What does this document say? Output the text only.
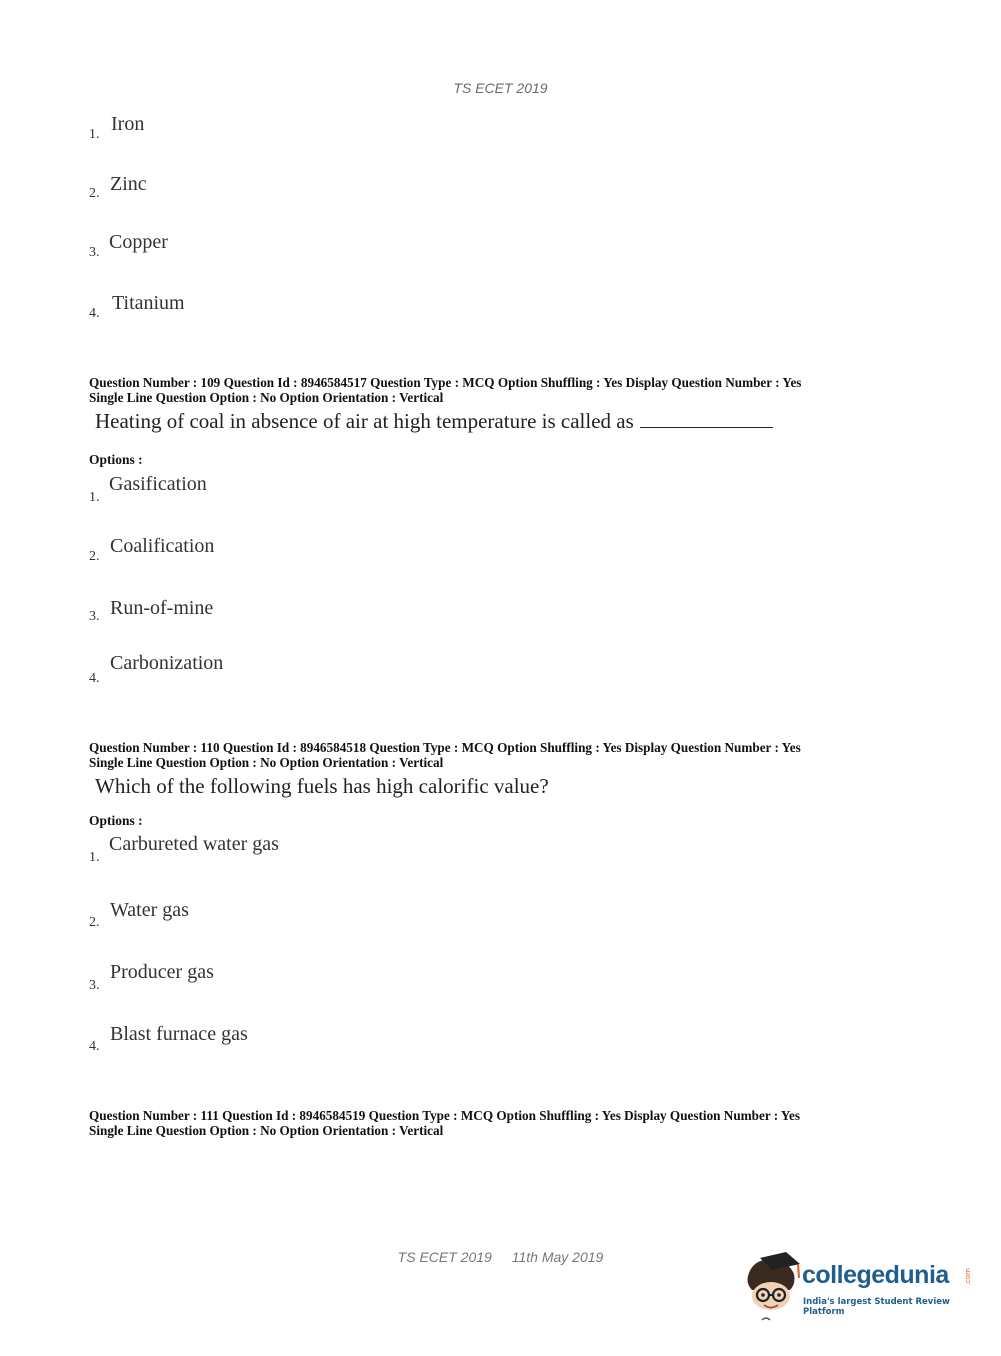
TS ECET 2019
1. Iron
2. Zinc
3. Copper
4. Titanium
Question Number : 109 Question Id : 8946584517 Question Type : MCQ Option Shuffling : Yes Display Question Number : Yes
Single Line Question Option : No Option Orientation : Vertical
Heating of coal in absence of air at high temperature is called as
Options :
1.
Gasification
2. Coalification
3. Run-of-mine
4.
Carbonization
Question Number : 110 Question Id : 8946584518 Question Type : MCQ Option Shuffling : Yes Display Question Number : Yes
Single Line Question Option : No Option Orientation : Vertical
Which of the following fuels has high calorific value?
Options :
1.
Carbureted water gas
2.
Water gas
3.
Producer gas
4.
Blast furnace gas
Question Number : 111 Question Id : 8946584519 Question Type : MCQ Option Shuffling : Yes Display Question Number : Yes
Single Line Question Option : No Option Orientation : Vertical
TS ECET 2019 11th May 2019
collegedunia .com
India's largest Student Review Platform
